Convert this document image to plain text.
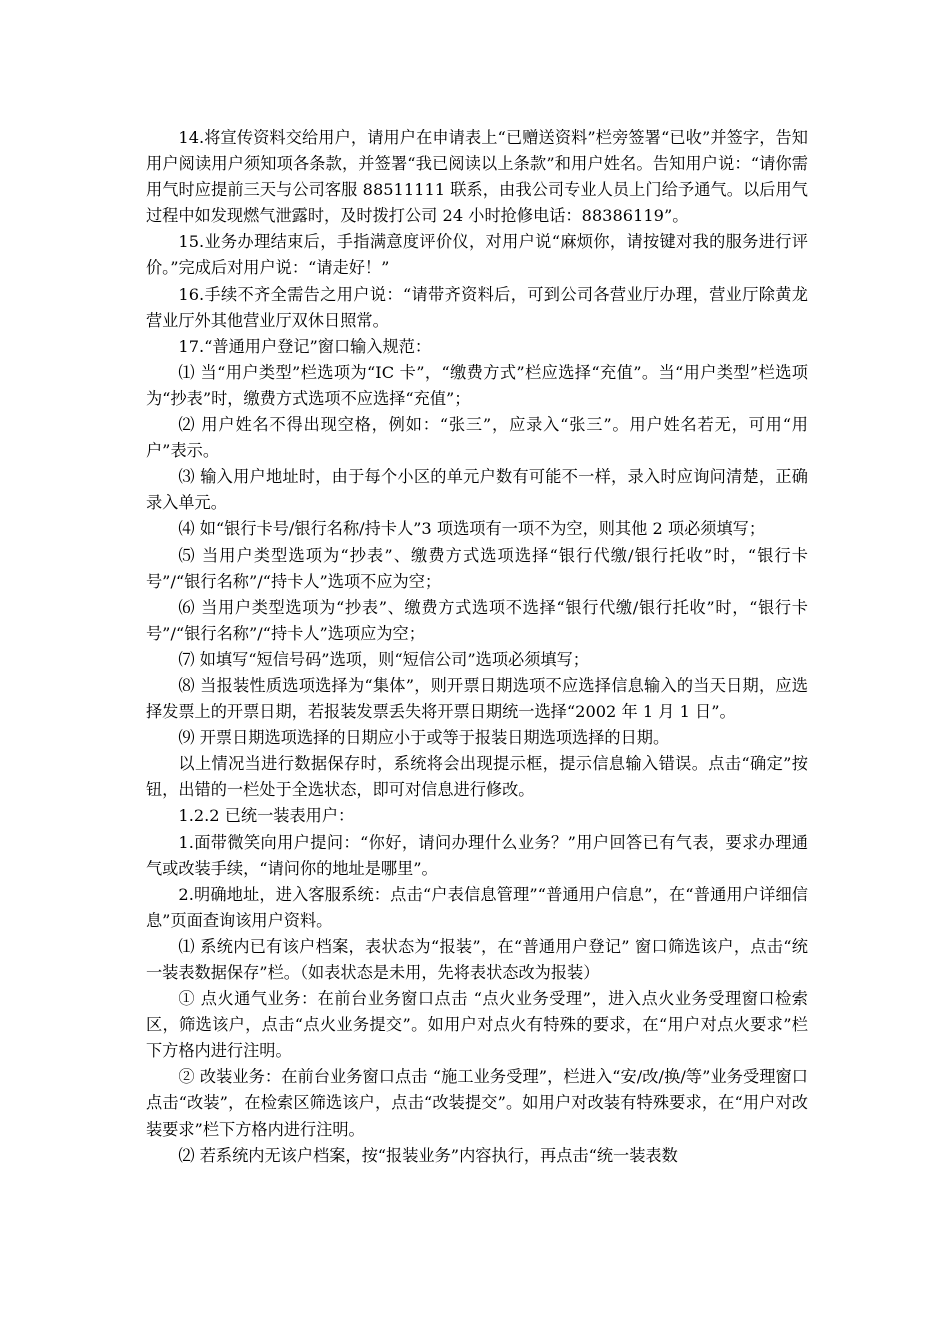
14.将宣传资料交给用户，请用户在申请表上“已赠送资料”栏旁签署“已收”并签字，告知用户阅读用户须知项各条款，并签署“我已阅读以上条款”和用户姓名。告知用户说：“请你需用气时应提前三天与公司客服 88511111 联系，由我公司专业人员上门给予通气。以后用气过程中如发现燃气泄露时，及时拨打公司 24 小时抢修电话：88386119”。

15.业务办理结束后，手指满意度评价仪，对用户说“麻烦你，请按键对我的服务进行评价。”完成后对用户说：“请走好！”

16.手续不齐全需告之用户说：“请带齐资料后，可到公司各营业厅办理，营业厅除黄龙营业厅外其他营业厅双休日照常。

17.“普通用户登记”窗口输入规范：

⑴ 当“用户类型”栏选项为“IC 卡”，“缴费方式”栏应选择“充值”。当“用户类型”栏选项为“抄表”时，缴费方式选项不应选择“充值”；

⑵ 用户姓名不得出现空格，例如：“张三”，应录入“张三”。用户姓名若无，可用“用户”表示。

⑶ 输入用户地址时，由于每个小区的单元户数有可能不一样，录入时应询问清楚，正确录入单元。

⑷ 如“银行卡号/银行名称/持卡人”3 项选项有一项不为空，则其他 2 项必须填写；

⑸ 当用户类型选项为“抄表”、缴费方式选项选择“银行代缴/银行托收”时，“银行卡号”/“银行名称”/“持卡人”选项不应为空；

⑹ 当用户类型选项为“抄表”、缴费方式选项不选择“银行代缴/银行托收”时，“银行卡号”/“银行名称”/“持卡人”选项应为空；

⑺ 如填写“短信号码”选项，则“短信公司”选项必须填写；

⑻ 当报装性质选项选择为“集体”，则开票日期选项不应选择信息输入的当天日期，应选择发票上的开票日期，若报装发票丢失将开票日期统一选择“2002 年 1 月 1 日”。

⑼ 开票日期选项选择的日期应小于或等于报装日期选项选择的日期。

以上情况当进行数据保存时，系统将会出现提示框，提示信息输入错误。点击“确定”按钮，出错的一栏处于全选状态，即可对信息进行修改。

1.2.2 已统一装表用户：

1.面带微笑向用户提问：“你好，请问办理什么业务？”用户回答已有气表，要求办理通气或改装手续，“请问你的地址是哪里”。

2.明确地址，进入客服系统：点击“户表信息管理”“普通用户信息”，在“普通用户详细信息”页面查询该用户资料。

⑴ 系统内已有该户档案，表状态为“报装”，在“普通用户登记” 窗口筛选该户，点击“统一装表数据保存”栏。（如表状态是未用，先将表状态改为报装）

① 点火通气业务：在前台业务窗口点击 “点火业务受理”，进入点火业务受理窗口检索区，筛选该户，点击“点火业务提交”。如用户对点火有特殊的要求，在“用户对点火要求”栏下方格内进行注明。

② 改装业务：在前台业务窗口点击 “施工业务受理”，栏进入“安/改/换/等”业务受理窗口点击“改装”，在检索区筛选该户，点击“改装提交”。如用户对改装有特殊要求，在“用户对改装要求”栏下方格内进行注明。

⑵ 若系统内无该户档案，按“报装业务”内容执行，再点击“统一装表数
